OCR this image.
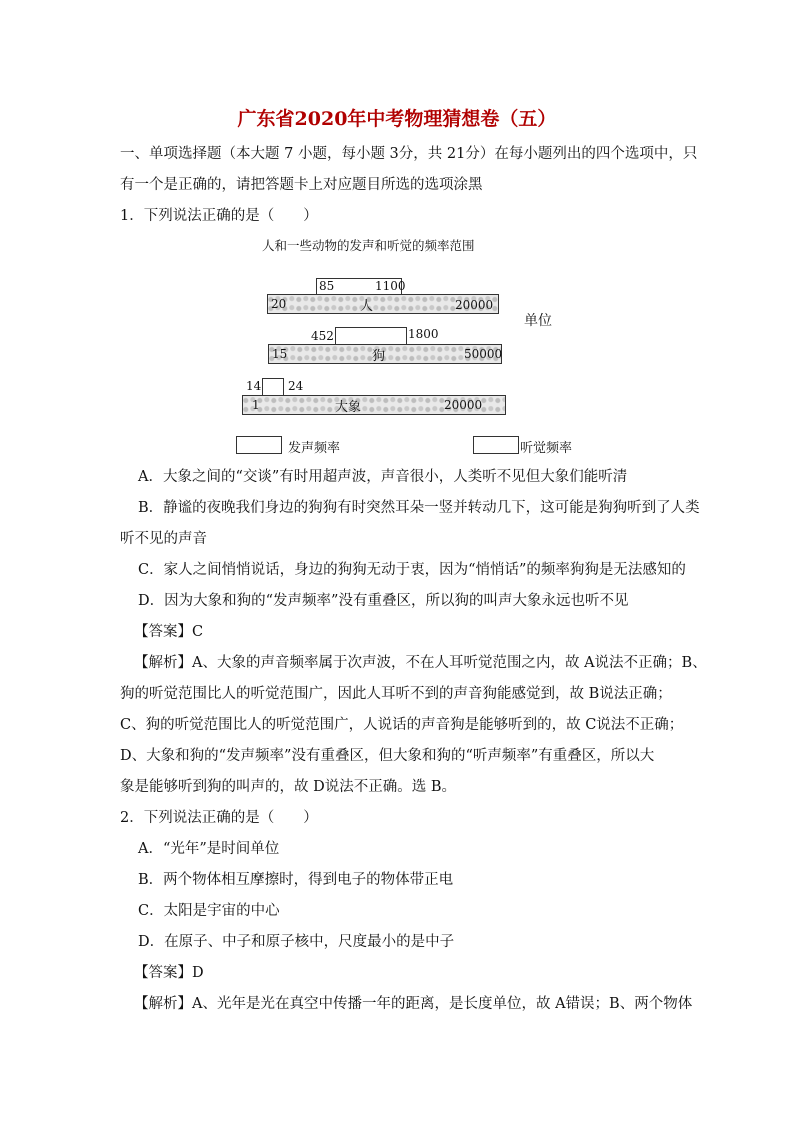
广东省2020年中考物理猜想卷（五）
一、单项选择题（本大题 7 小题，每小题 3分，共 21分）在每小题列出的四个选项中，只
有一个是正确的，请把答题卡上对应题目所选的选项涂黑
1．下列说法正确的是（　　）
人和一些动物的发声和听觉的频率范围
85	1100
20	人	20000
452	1800
15	狗	50000
单位
14 24
1	大象	20000
发声频率	听觉频率
A．大象之间的“交谈”有时用超声波，声音很小，人类听不见但大象们能听清
B．静谧的夜晚我们身边的狗狗有时突然耳朵一竖并转动几下，这可能是狗狗听到了人类
听不见的声音
C．家人之间悄悄说话，身边的狗狗无动于衷，因为“悄悄话”的频率狗狗是无法感知的
D．因为大象和狗的“发声频率”没有重叠区，所以狗的叫声大象永远也听不见
【答案】C
【解析】A、大象的声音频率属于次声波，不在人耳听觉范围之内，故 A说法不正确；B、
狗的听觉范围比人的听觉范围广，因此人耳听不到的声音狗能感觉到，故 B说法正确；
C、狗的听觉范围比人的听觉范围广，人说话的声音狗是能够听到的，故 C说法不正确；
D、大象和狗的“发声频率”没有重叠区，但大象和狗的“听声频率”有重叠区，所以大
象是能够听到狗的叫声的，故 D说法不正确。选 B。
2．下列说法正确的是（　　）
A．“光年”是时间单位
B．两个物体相互摩擦时，得到电子的物体带正电
C．太阳是宇宙的中心
D．在原子、中子和原子核中，尺度最小的是中子
【答案】D
【解析】A、光年是光在真空中传播一年的距离，是长度单位，故 A错误；B、两个物体
